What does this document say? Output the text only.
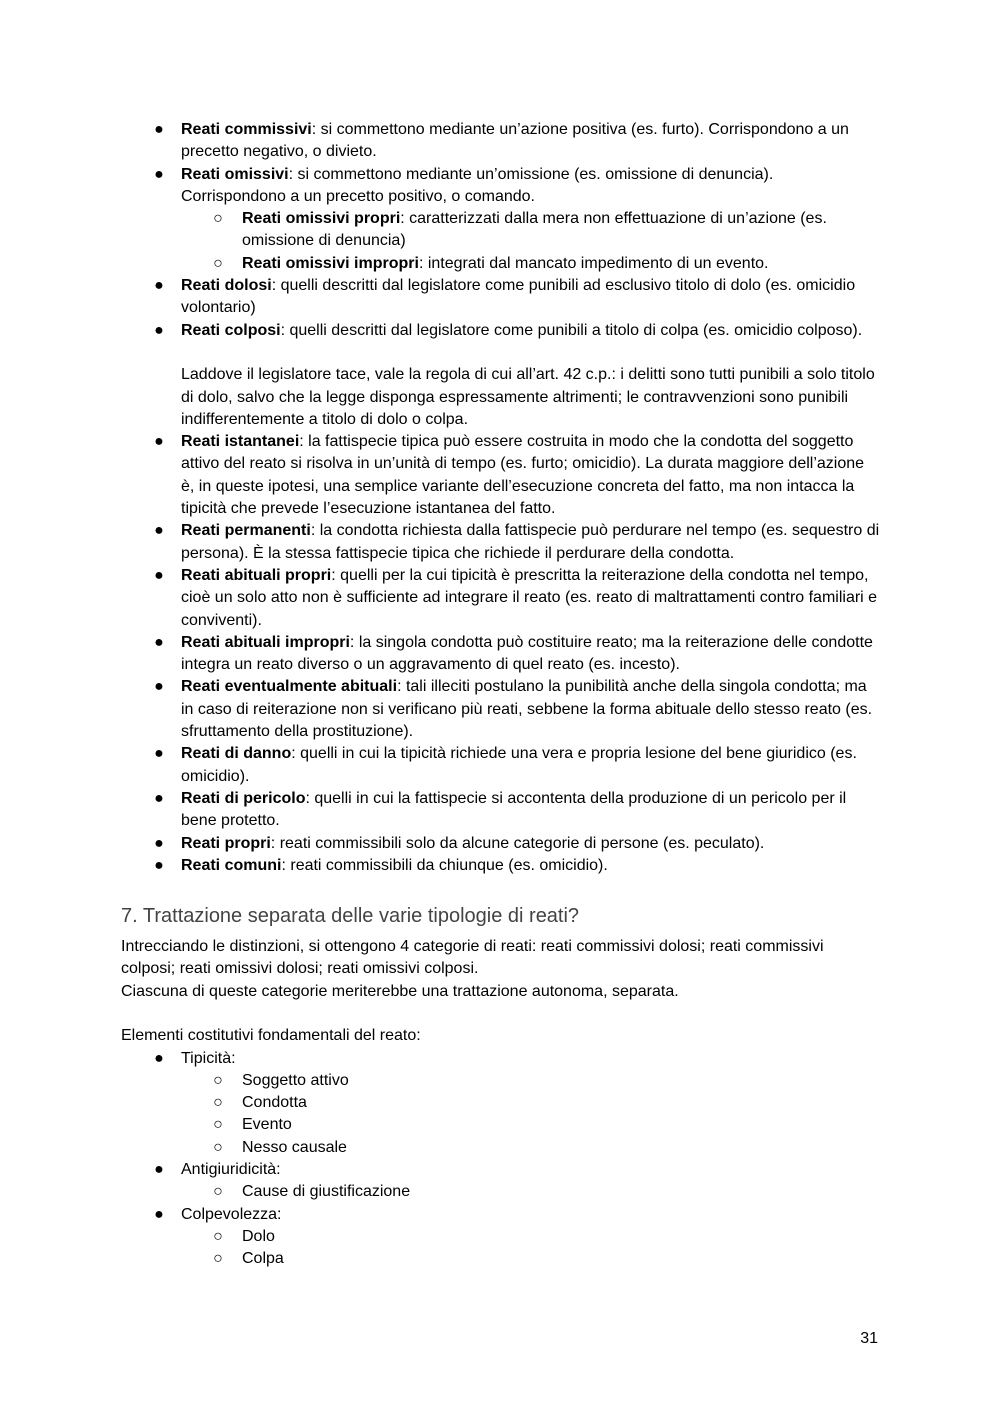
● Reati commissivi: si commettono mediante un’azione positiva (es. furto). Corrispondono a un precetto negativo, o divieto.
● Reati omissivi: si commettono mediante un’omissione (es. omissione di denuncia). Corrispondono a un precetto positivo, o comando.
○ Reati omissivi propri: caratterizzati dalla mera non effettuazione di un’azione (es. omissione di denuncia)
○ Reati omissivi impropri: integrati dal mancato impedimento di un evento.
● Reati dolosi: quelli descritti dal legislatore come punibili ad esclusivo titolo di dolo (es. omicidio volontario)
● Reati colposi: quelli descritti dal legislatore come punibili a titolo di colpa (es. omicidio colposo).

Laddove il legislatore tace, vale la regola di cui all’art. 42 c.p.: i delitti sono tutti punibili a solo titolo di dolo, salvo che la legge disponga espressamente altrimenti; le contravvenzioni sono punibili indifferentemente a titolo di dolo o colpa.

● Reati istantanei: la fattispecie tipica può essere costruita in modo che la condotta del soggetto attivo del reato si risolva in un’unità di tempo (es. furto; omicidio). La durata maggiore dell’azione è, in queste ipotesi, una semplice variante dell’esecuzione concreta del fatto, ma non intacca la tipicità che prevede l’esecuzione istantanea del fatto.
● Reati permanenti: la condotta richiesta dalla fattispecie può perdurare nel tempo (es. sequestro di persona). È la stessa fattispecie tipica che richiede il perdurare della condotta.
● Reati abituali propri: quelli per la cui tipicità è prescritta la reiterazione della condotta nel tempo, cioè un solo atto non è sufficiente ad integrare il reato (es. reato di maltrattamenti contro familiari e conviventi).
● Reati abituali impropri: la singola condotta può costituire reato; ma la reiterazione delle condotte integra un reato diverso o un aggravamento di quel reato (es. incesto).
● Reati eventualmente abituali: tali illeciti postulano la punibilità anche della singola condotta; ma in caso di reiterazione non si verificano più reati, sebbene la forma abituale dello stesso reato (es. sfruttamento della prostituzione).
● Reati di danno: quelli in cui la tipicità richiede una vera e propria lesione del bene giuridico (es. omicidio).
● Reati di pericolo: quelli in cui la fattispecie si accontenta della produzione di un pericolo per il bene protetto.
● Reati propri: reati commissibili solo da alcune categorie di persone (es. peculato).
● Reati comuni: reati commissibili da chiunque (es. omicidio).
7. Trattazione separata delle varie tipologie di reati?

Intrecciando le distinzioni, si ottengono 4 categorie di reati: reati commissivi dolosi; reati commissivi colposi; reati omissivi dolosi; reati omissivi colposi.

Ciascuna di queste categorie meriterebbe una trattazione autonoma, separata.

Elementi costitutivi fondamentali del reato:

● Tipicità:
○ Soggetto attivo
○ Condotta
○ Evento
○ Nesso causale
● Antigiuridicità:
○ Cause di giustificazione
● Colpevolezza:
○ Dolo
○ Colpa
31
